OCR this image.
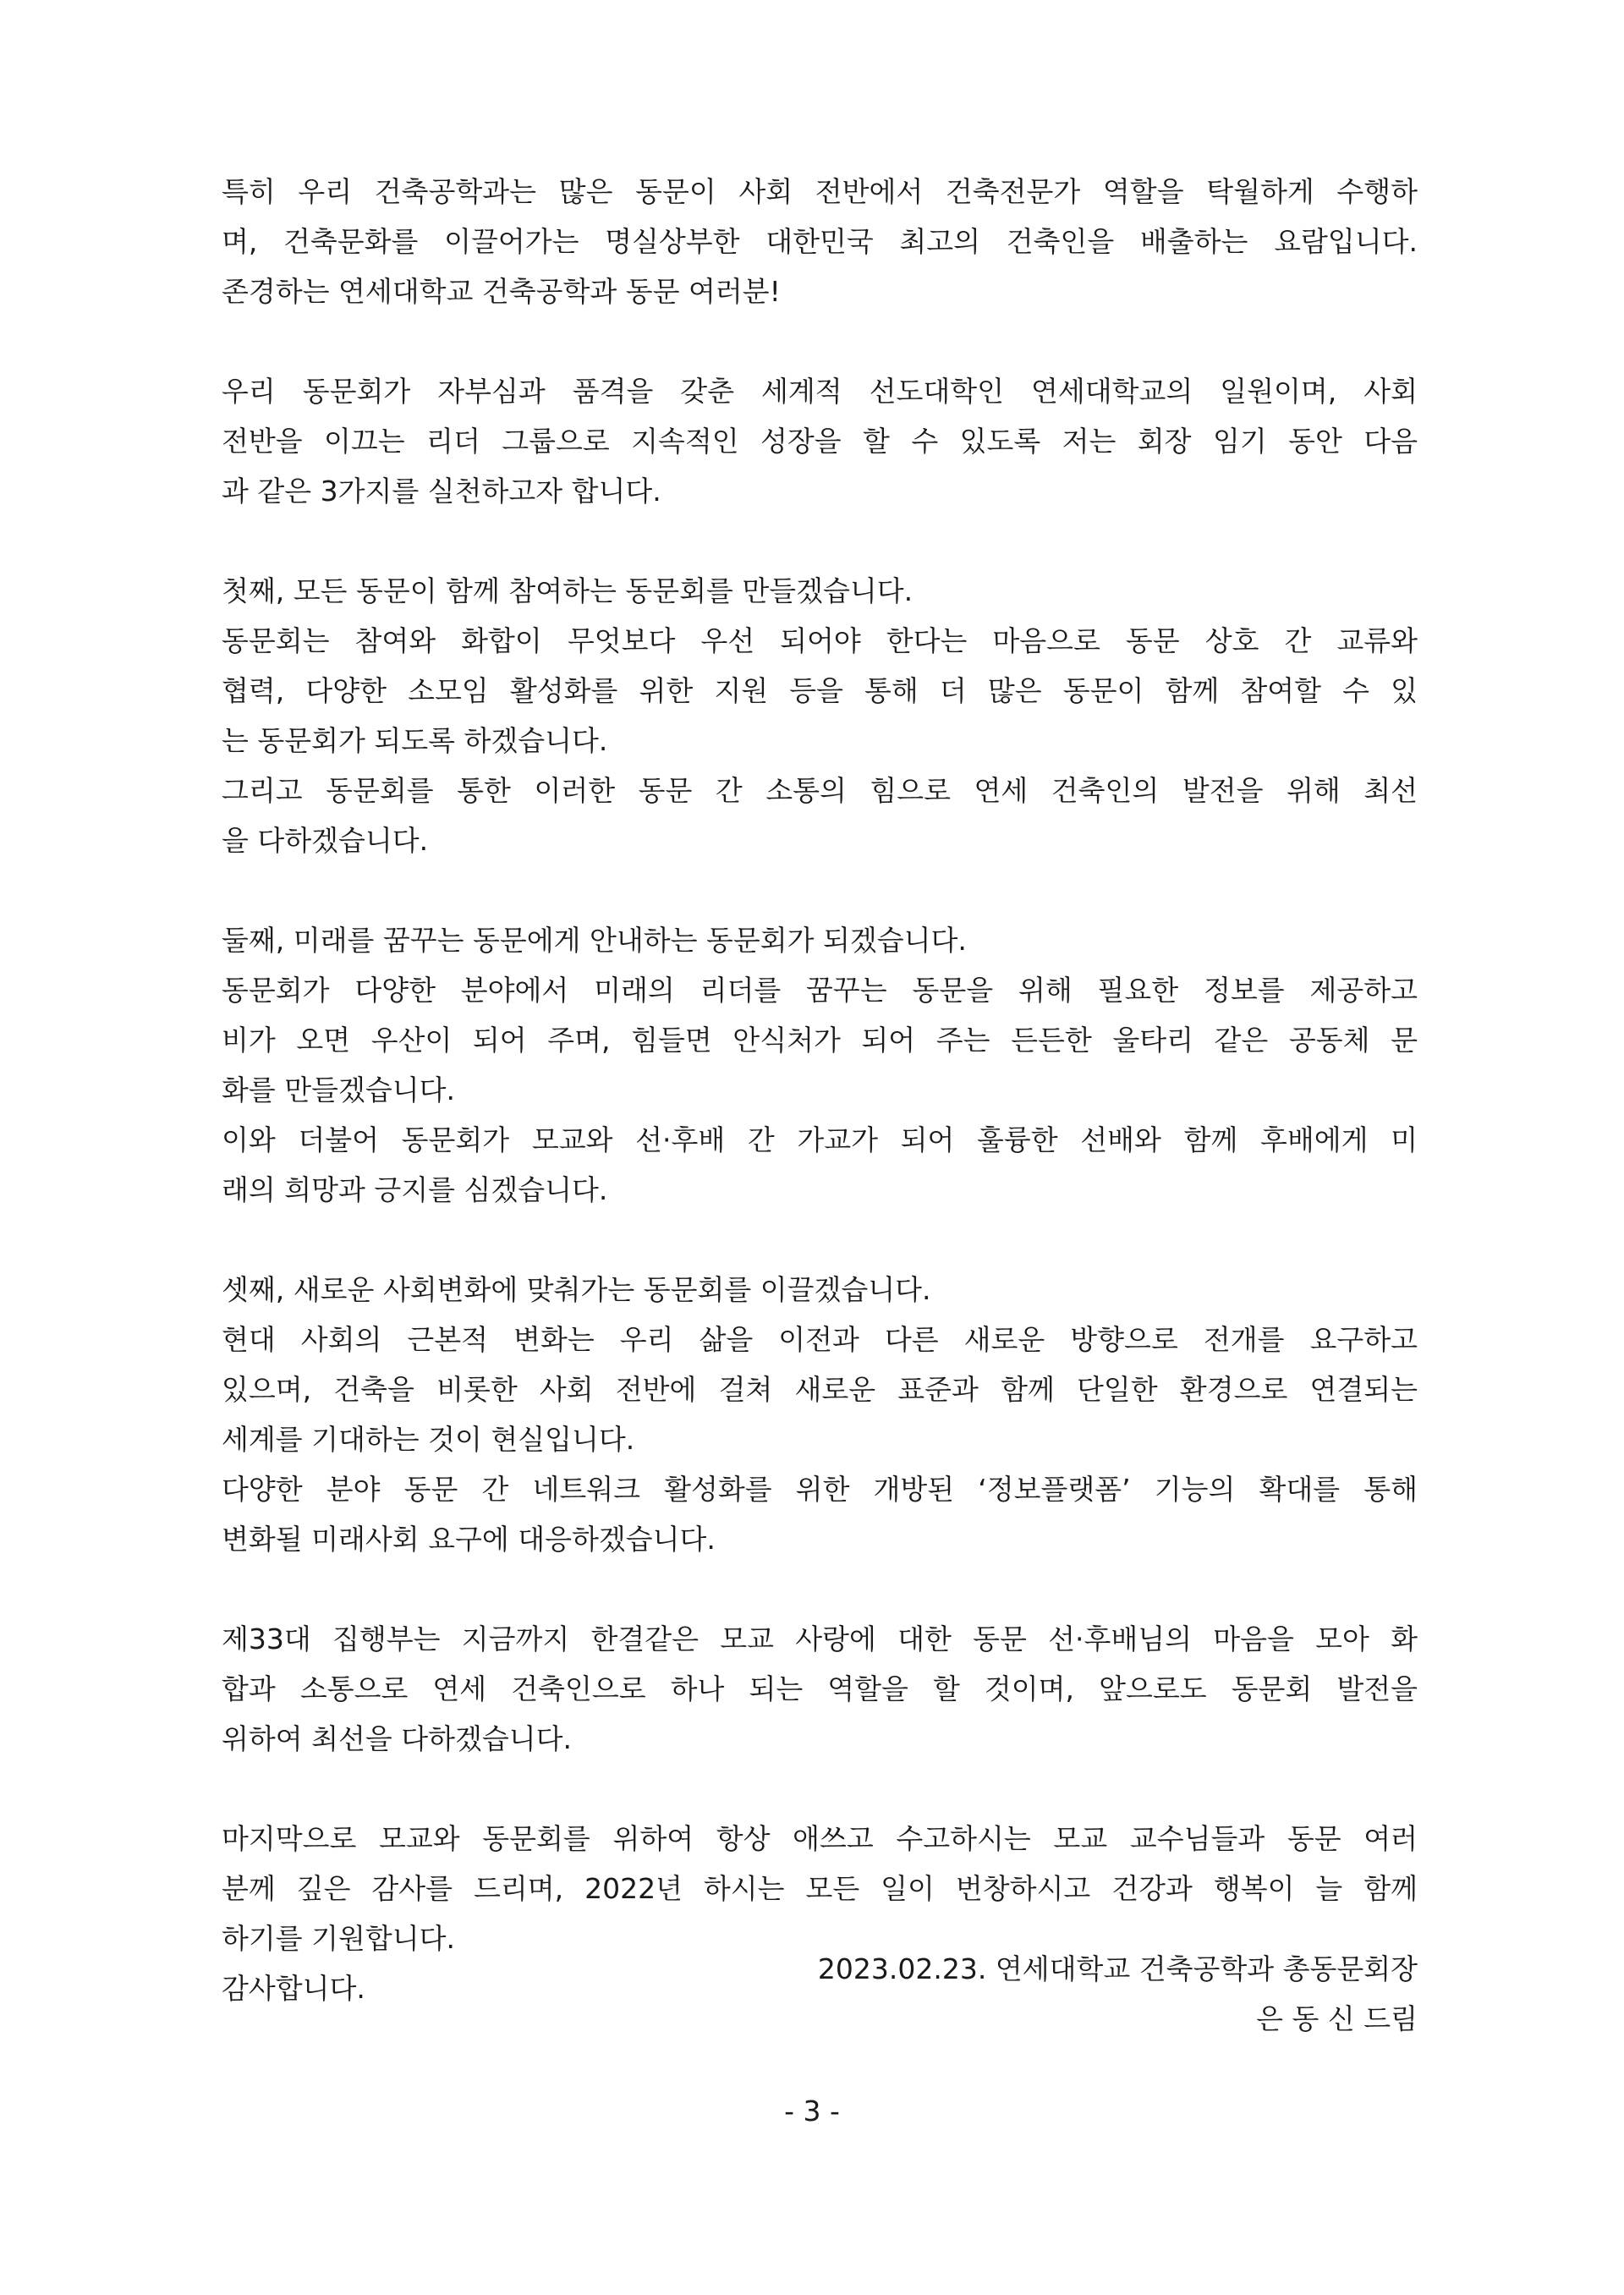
특히 우리 건축공학과는 많은 동문이 사회 전반에서 건축전문가 역할을 탁월하게 수행하
며, 건축문화를 이끌어가는 명실상부한 대한민국 최고의 건축인을 배출하는 요람입니다.
존경하는 연세대학교 건축공학과 동문 여러분!
우리 동문회가 자부심과 품격을 갖춘 세계적 선도대학인 연세대학교의 일원이며, 사회
전반을 이끄는 리더 그룹으로 지속적인 성장을 할 수 있도록 저는 회장 임기 동안 다음
과 같은 3가지를 실천하고자 합니다.
첫째, 모든 동문이 함께 참여하는 동문회를 만들겠습니다.
동문회는 참여와 화합이 무엇보다 우선 되어야 한다는 마음으로 동문 상호 간 교류와
협력, 다양한 소모임 활성화를 위한 지원 등을 통해 더 많은 동문이 함께 참여할 수 있
는 동문회가 되도록 하겠습니다.
그리고 동문회를 통한 이러한 동문 간 소통의 힘으로 연세 건축인의 발전을 위해 최선
을 다하겠습니다.
둘째, 미래를 꿈꾸는 동문에게 안내하는 동문회가 되겠습니다.
동문회가 다양한 분야에서 미래의 리더를 꿈꾸는 동문을 위해 필요한 정보를 제공하고
비가 오면 우산이 되어 주며, 힘들면 안식처가 되어 주는 든든한 울타리 같은 공동체 문
화를 만들겠습니다.
이와 더불어 동문회가 모교와 선·후배 간 가교가 되어 훌륭한 선배와 함께 후배에게 미
래의 희망과 긍지를 심겠습니다.
셋째, 새로운 사회변화에 맞춰가는 동문회를 이끌겠습니다.
현대 사회의 근본적 변화는 우리 삶을 이전과 다른 새로운 방향으로 전개를 요구하고
있으며, 건축을 비롯한 사회 전반에 걸쳐 새로운 표준과 함께 단일한 환경으로 연결되는
세계를 기대하는 것이 현실입니다.
다양한 분야 동문 간 네트워크 활성화를 위한 개방된 ‘정보플랫폼’ 기능의 확대를 통해
변화될 미래사회 요구에 대응하겠습니다.
제33대 집행부는 지금까지 한결같은 모교 사랑에 대한 동문 선·후배님의 마음을 모아 화
합과 소통으로 연세 건축인으로 하나 되는 역할을 할 것이며, 앞으로도 동문회 발전을
위하여 최선을 다하겠습니다.
마지막으로 모교와 동문회를 위하여 항상 애쓰고 수고하시는 모교 교수님들과 동문 여러
분께 깊은 감사를 드리며, 2022년 하시는 모든 일이 번창하시고 건강과 행복이 늘 함께
하기를 기원합니다.
감사합니다.
2023.02.23. 연세대학교 건축공학과 총동문회장
은 동 신 드림
- 3 -
